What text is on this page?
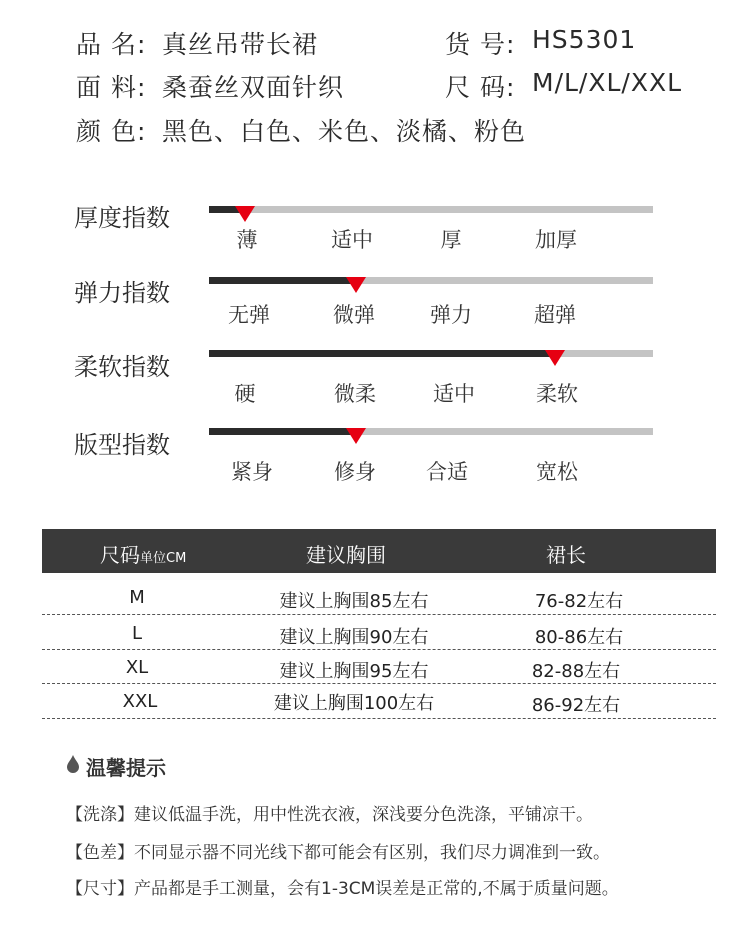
品 名: 真丝吊带长裙	货 号: HS5301
面 料: 桑蚕丝双面针织	尺 码: M/L/XL/XXL
颜 色: 黑色、白色、米色、淡橘、粉色
厚度指数
薄	适中	厚	加厚
弹力指数
无弹	微弹	弹力	超弹
柔软指数
硬	微柔	适中	柔软
版型指数
紧身	修身 合适	宽松
尺码单位CM	建议胸围	裙长
M	建议上胸围85左右	76-82左右
L	建议上胸围90左右	80-86左右
XL	建议上胸围95左右	82-88左右
XXL	建议上胸围100左右	86-92左右
温馨提示
【洗涤】建议低温手洗，用中性洗衣液，深浅要分色洗涤，平铺凉干。
【色差】不同显示器不同光线下都可能会有区别，我们尽力调准到一致。
【尺寸】产品都是手工测量，会有1-3CM误差是正常的,不属于质量问题。
